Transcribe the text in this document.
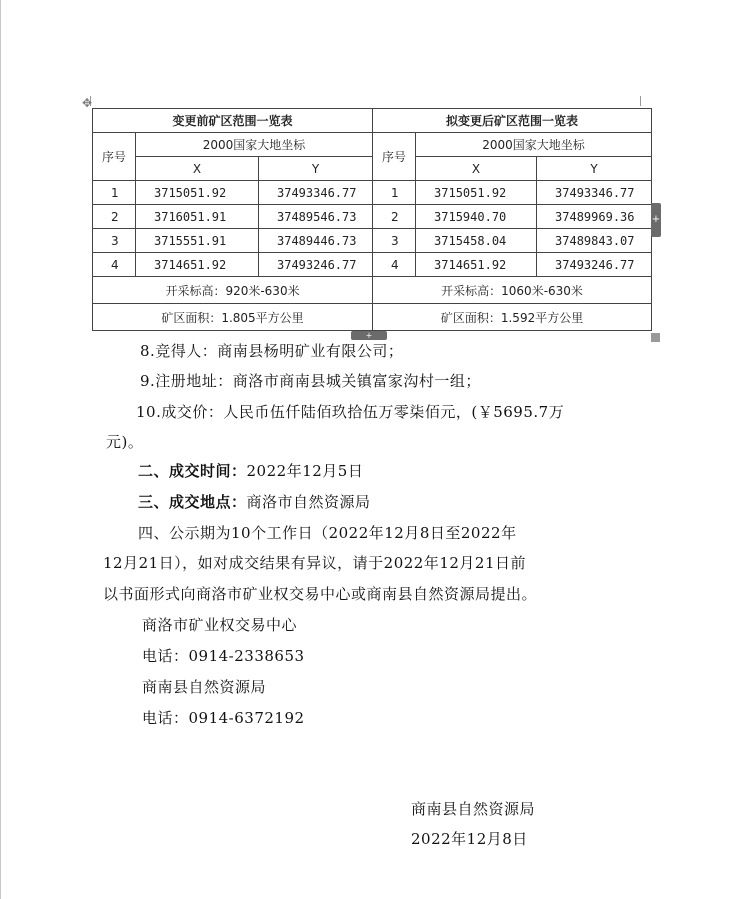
✥
变更前矿区范围一览表			拟变更后矿区范围一览表		
序号	2000国家大地坐标		序号	2000国家大地坐标	
	X	Y		X	Y
1	3715051.92	37493346.77	1	3715051.92	37493346.77
2	3716051.91	37489546.73	2	3715940.70	37489969.36
3	3715551.91	37489446.73	3	3715458.04	37489843.07
4	3714651.92	37493246.77	4	3714651.92	37493246.77
开采标高：920米-630米			开采标高：1060米-630米		
矿区面积：1.805平方公里			矿区面积：1.592平方公里		
+
+
8.竞得人：商南县杨明矿业有限公司；
9.注册地址：商洛市商南县城关镇富家沟村一组；
10.成交价：人民币伍仟陆佰玖拾伍万零柒佰元，(￥5695.7万
元)。
二、成交时间：2022年12月5日
三、成交地点：商洛市自然资源局
四、公示期为10个工作日（2022年12月8日至2022年
12月21日），如对成交结果有异议，请于2022年12月21日前
以书面形式向商洛市矿业权交易中心或商南县自然资源局提出。
商洛市矿业权交易中心
电话：0914-2338653
商南县自然资源局
电话：0914-6372192
商南县自然资源局
2022年12月8日
